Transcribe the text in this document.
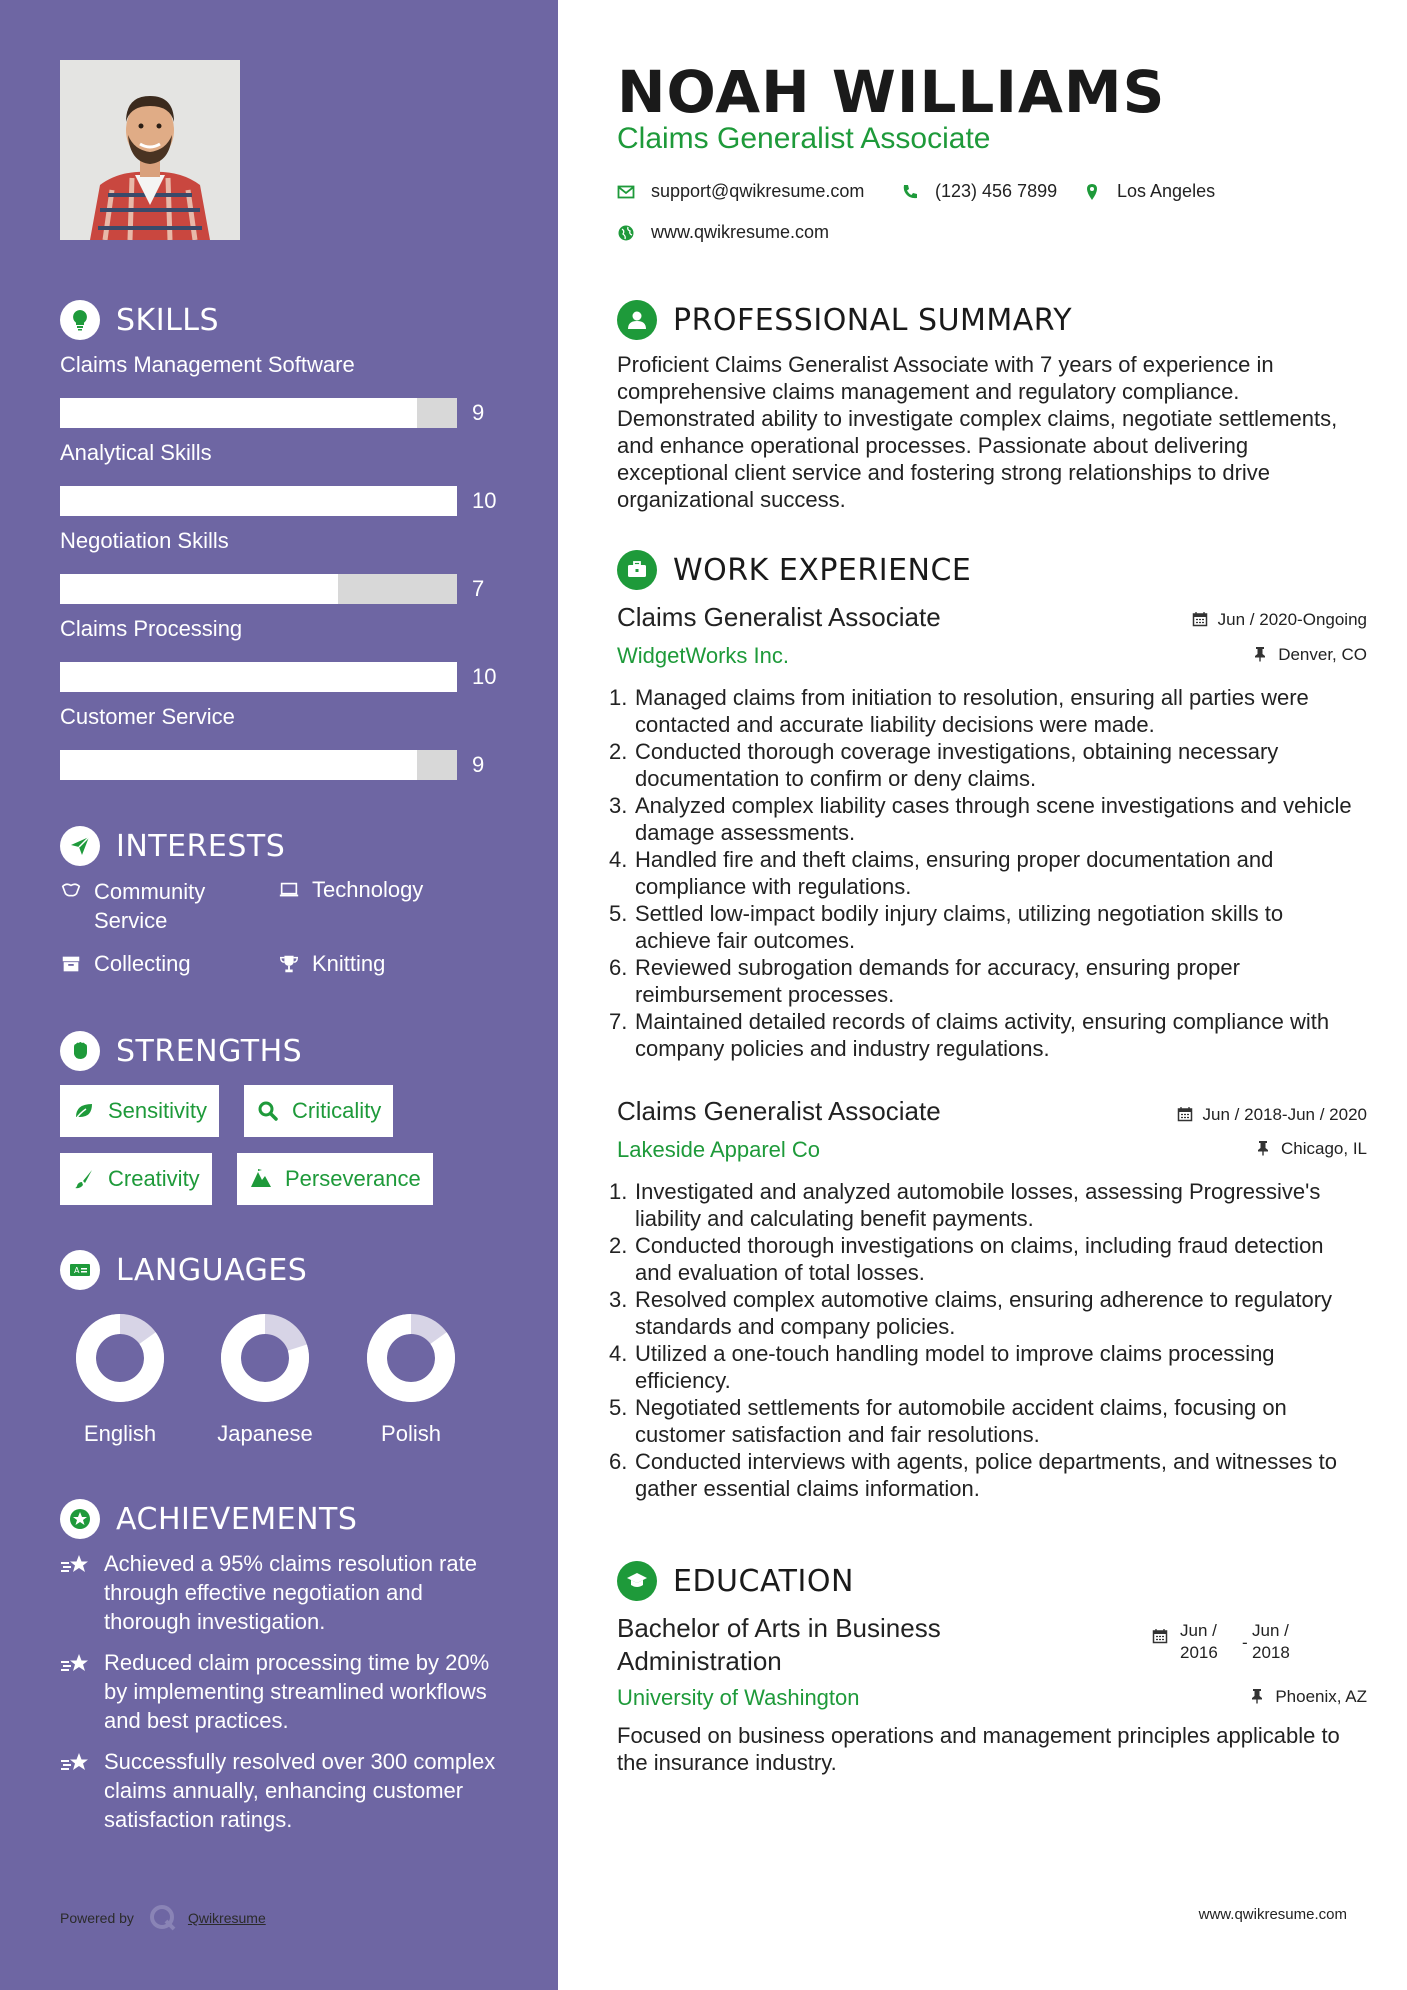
SKILLS
Claims Management Software
9
Analytical Skills
10
Negotiation Skills
7
Claims Processing
10
Customer Service
9
INTERESTS
Community Service
Technology
Collecting	Knitting
STRENGTHS
Sensitivity	Criticality
Creativity	Perseverance
A LANGUAGES
English	Japanese	Polish
ACHIEVEMENTS
Achieved a 95% claims resolution rate through effective negotiation and thorough investigation.
Reduced claim processing time by 20% by implementing streamlined workflows and best practices.
Successfully resolved over 300 complex claims annually, enhancing customer satisfaction ratings.
Powered by	Qwikresume
NOAH WILLIAMS
Claims Generalist Associate
support@qwikresume.com	(123) 456 7899	Los Angeles
www.qwikresume.com
PROFESSIONAL SUMMARY
Proficient Claims Generalist Associate with 7 years of experience in comprehensive claims management and regulatory compliance. Demonstrated ability to investigate complex claims, negotiate settlements, and enhance operational processes. Passionate about delivering exceptional client service and fostering strong relationships to drive organizational success.
WORK EXPERIENCE
Claims Generalist Associate	Jun / 2020-Ongoing
WidgetWorks Inc.	Denver, CO
1. Managed claims from initiation to resolution, ensuring all parties were contacted and accurate liability decisions were made.
2. Conducted thorough coverage investigations, obtaining necessary documentation to confirm or deny claims.
3. Analyzed complex liability cases through scene investigations and vehicle damage assessments.
4. Handled fire and theft claims, ensuring proper documentation and compliance with regulations.
5. Settled low-impact bodily injury claims, utilizing negotiation skills to achieve fair outcomes.
6. Reviewed subrogation demands for accuracy, ensuring proper reimbursement processes.
7. Maintained detailed records of claims activity, ensuring compliance with company policies and industry regulations.
Claims Generalist Associate	Jun / 2018-Jun / 2020
Lakeside Apparel Co	Chicago, IL
1. Investigated and analyzed automobile losses, assessing Progressive's liability and calculating benefit payments.
2. Conducted thorough investigations on claims, including fraud detection and evaluation of total losses.
3. Resolved complex automotive claims, ensuring adherence to regulatory standards and company policies.
4. Utilized a one-touch handling model to improve claims processing efficiency.
5. Negotiated settlements for automobile accident claims, focusing on customer satisfaction and fair resolutions.
6. Conducted interviews with agents, police departments, and witnesses to gather essential claims information.
EDUCATION
Bachelor of Arts in Business Administration
Jun / 2016
-
Jun / 2018
University of Washington	Phoenix, AZ
Focused on business operations and management principles applicable to the insurance industry.
www.qwikresume.com
